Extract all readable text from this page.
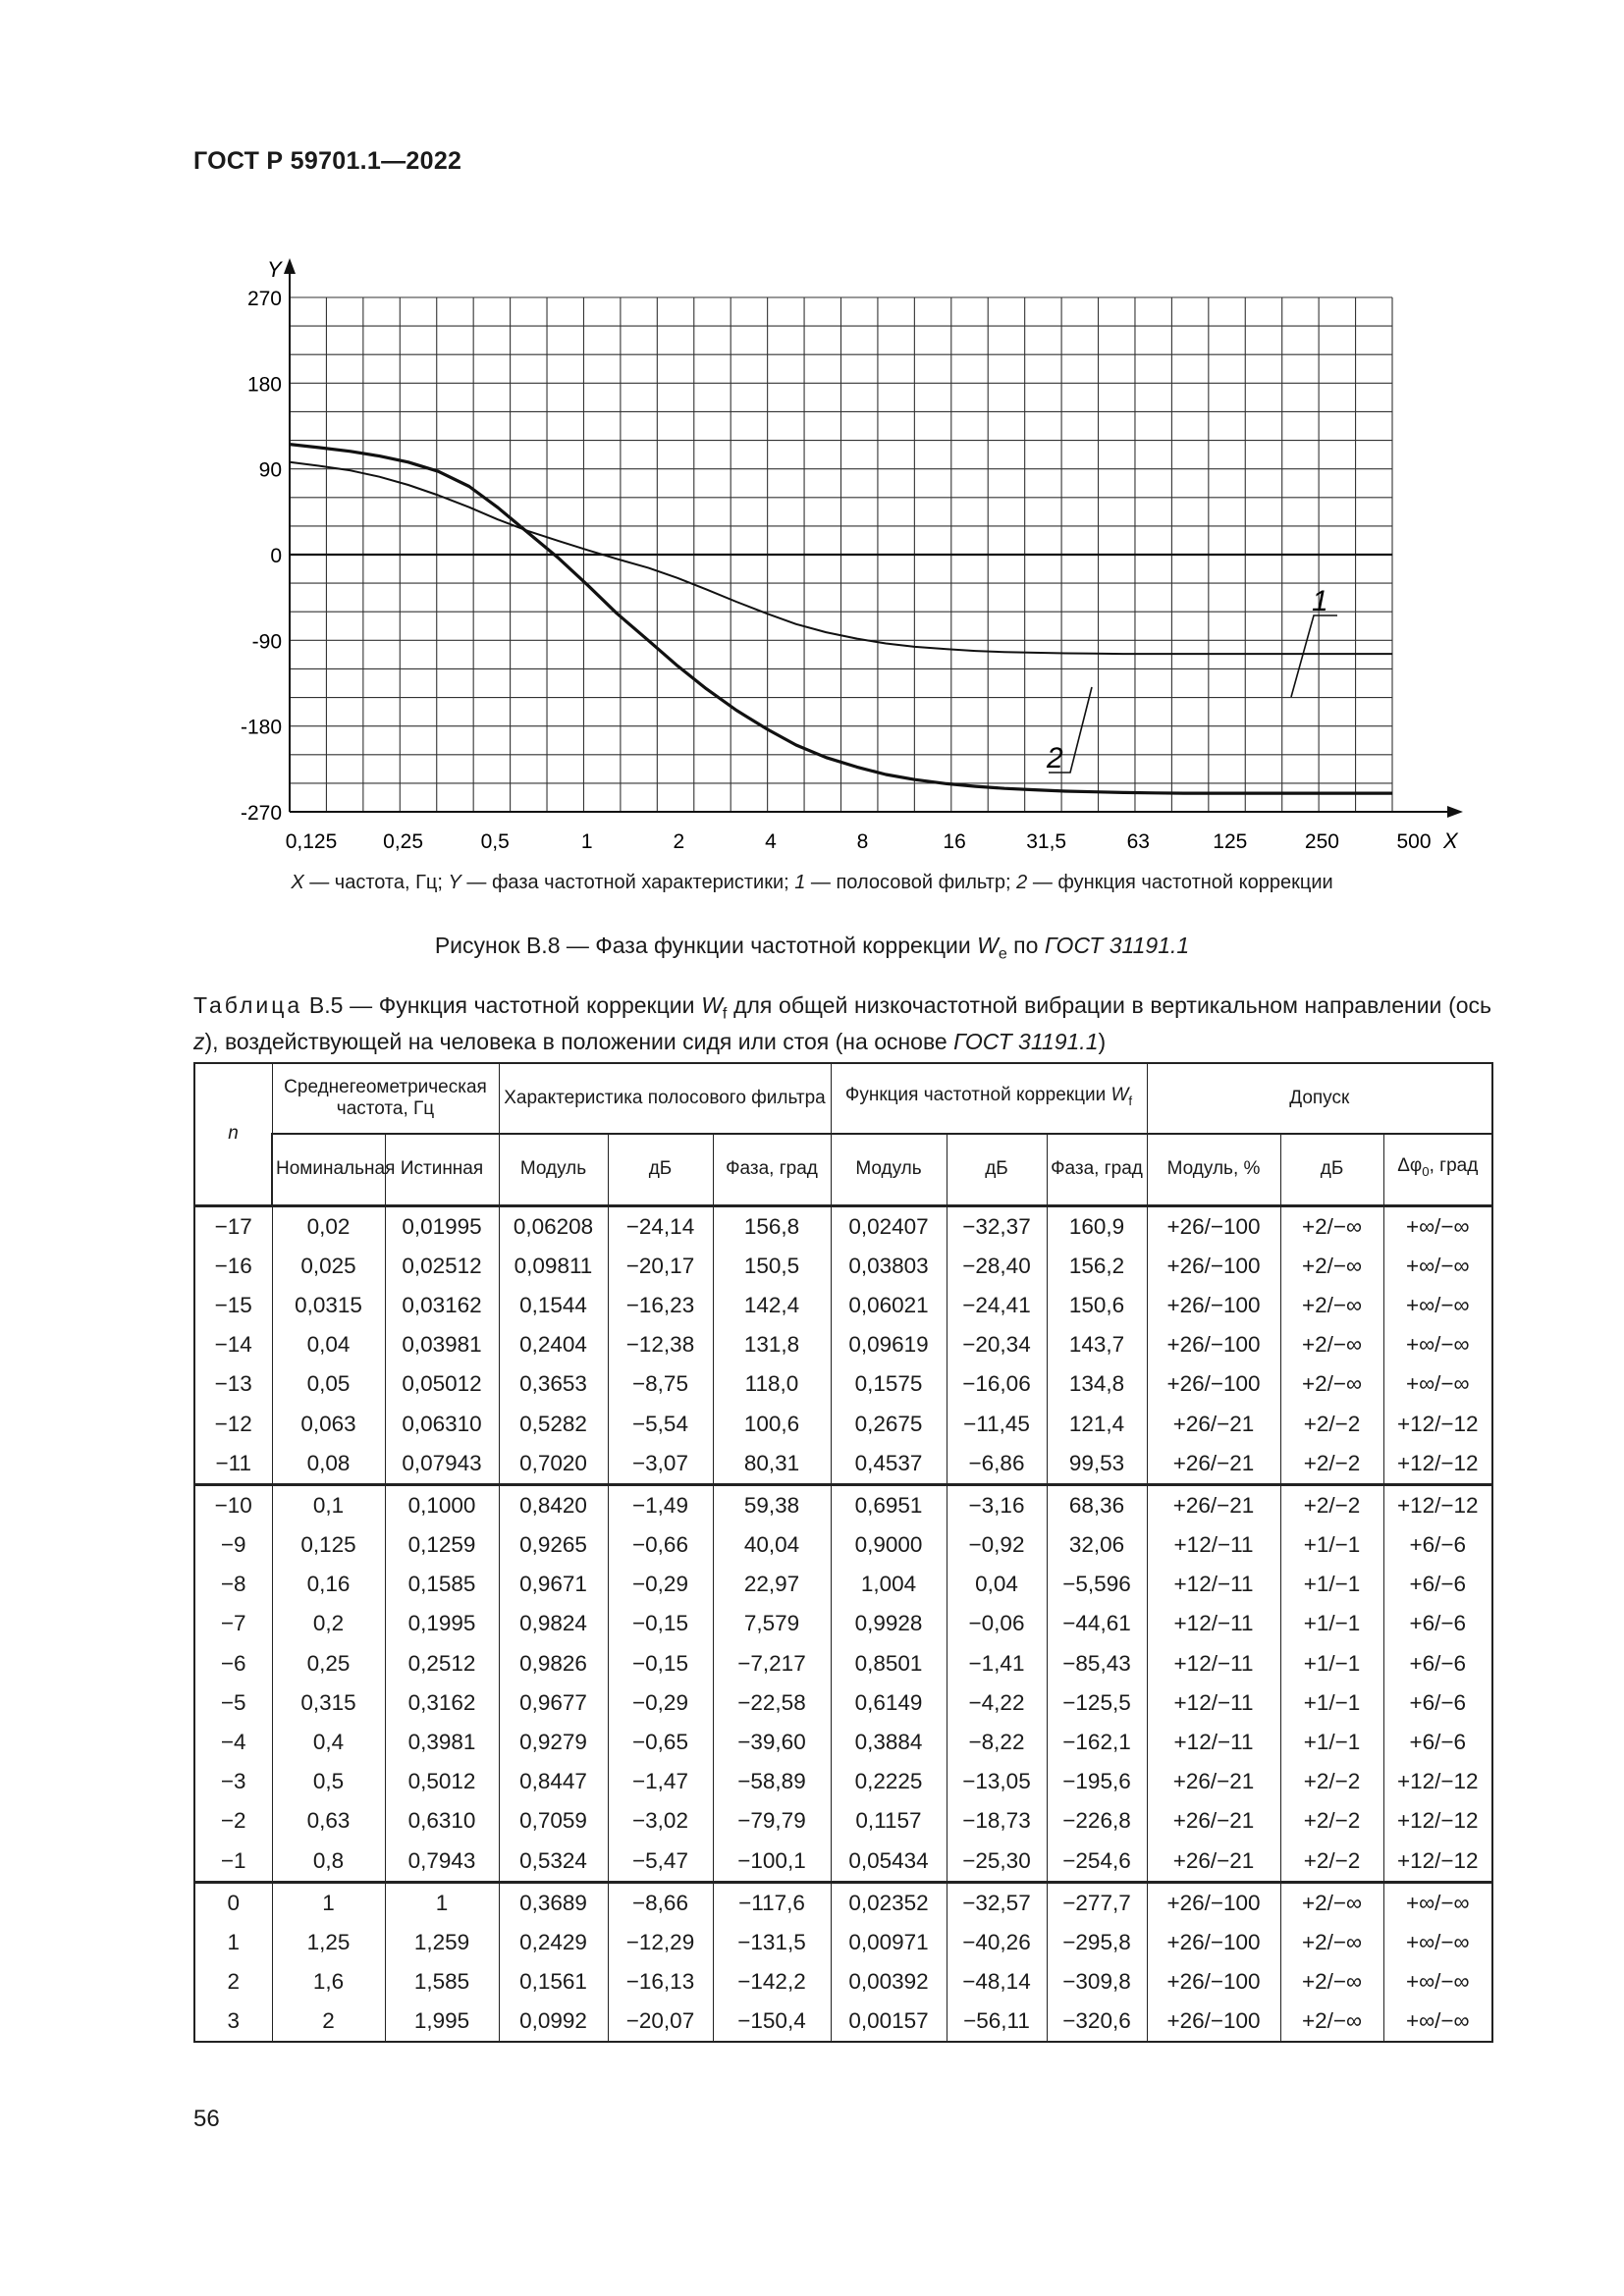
ГОСТ Р 59701.1—2022
Y
X
270
180
90
0
-90
-180
-270
0,125 0,25	0,5	1	2	4	8	16	31,5	63	125	250	500
1
2
X — частота, Гц; Y — фаза частотной характеристики; 1 — полосовой фильтр; 2 — функция частотной коррекции
Рисунок В.8 — Фаза функции частотной коррекции $W_e$ по ГОСТ 31191.1
Таблица В.5 — Функция частотной коррекции $W_f$ для общей низкочастотной вибрации в вертикальном направлении (ось z), воздействующей на человека в положении сидя или стоя (на основе ГОСТ 31191.1)
n	Среднегеометрическая частота, Гц		Характеристика полосового фильтра			Функция частотной коррекции $W_f$			Допуск		
	Номинальная	Истинная	Модуль	дБ	Фаза, град	Модуль	дБ	Фаза, град	Модуль, %	дБ	$\Delta\varphi_0$, град
−17	0,02	0,01995	0,06208	−24,14	156,8	0,02407	−32,37	160,9	+26/−100	+2/−∞	+∞/−∞
−16	0,025	0,02512	0,09811	−20,17	150,5	0,03803	−28,40	156,2	+26/−100	+2/−∞	+∞/−∞
−15	0,0315	0,03162	0,1544	−16,23	142,4	0,06021	−24,41	150,6	+26/−100	+2/−∞	+∞/−∞
−14	0,04	0,03981	0,2404	−12,38	131,8	0,09619	−20,34	143,7	+26/−100	+2/−∞	+∞/−∞
−13	0,05	0,05012	0,3653	−8,75	118,0	0,1575	−16,06	134,8	+26/−100	+2/−∞	+∞/−∞
−12	0,063	0,06310	0,5282	−5,54	100,6	0,2675	−11,45	121,4	+26/−21	+2/−2	+12/−12
−11	0,08	0,07943	0,7020	−3,07	80,31	0,4537	−6,86	99,53	+26/−21	+2/−2	+12/−12
−10	0,1	0,1000	0,8420	−1,49	59,38	0,6951	−3,16	68,36	+26/−21	+2/−2	+12/−12
−9	0,125	0,1259	0,9265	−0,66	40,04	0,9000	−0,92	32,06	+12/−11	+1/−1	+6/−6
−8	0,16	0,1585	0,9671	−0,29	22,97	1,004	0,04	−5,596	+12/−11	+1/−1	+6/−6
−7	0,2	0,1995	0,9824	−0,15	7,579	0,9928	−0,06	−44,61	+12/−11	+1/−1	+6/−6
−6	0,25	0,2512	0,9826	−0,15	−7,217	0,8501	−1,41	−85,43	+12/−11	+1/−1	+6/−6
−5	0,315	0,3162	0,9677	−0,29	−22,58	0,6149	−4,22	−125,5	+12/−11	+1/−1	+6/−6
−4	0,4	0,3981	0,9279	−0,65	−39,60	0,3884	−8,22	−162,1	+12/−11	+1/−1	+6/−6
−3	0,5	0,5012	0,8447	−1,47	−58,89	0,2225	−13,05	−195,6	+26/−21	+2/−2	+12/−12
−2	0,63	0,6310	0,7059	−3,02	−79,79	0,1157	−18,73	−226,8	+26/−21	+2/−2	+12/−12
−1	0,8	0,7943	0,5324	−5,47	−100,1	0,05434	−25,30	−254,6	+26/−21	+2/−2	+12/−12
0	1	1	0,3689	−8,66	−117,6	0,02352	−32,57	−277,7	+26/−100	+2/−∞	+∞/−∞
1	1,25	1,259	0,2429	−12,29	−131,5	0,00971	−40,26	−295,8	+26/−100	+2/−∞	+∞/−∞
2	1,6	1,585	0,1561	−16,13	−142,2	0,00392	−48,14	−309,8	+26/−100	+2/−∞	+∞/−∞
3	2	1,995	0,0992	−20,07	−150,4	0,00157	−56,11	−320,6	+26/−100	+2/−∞	+∞/−∞
56
